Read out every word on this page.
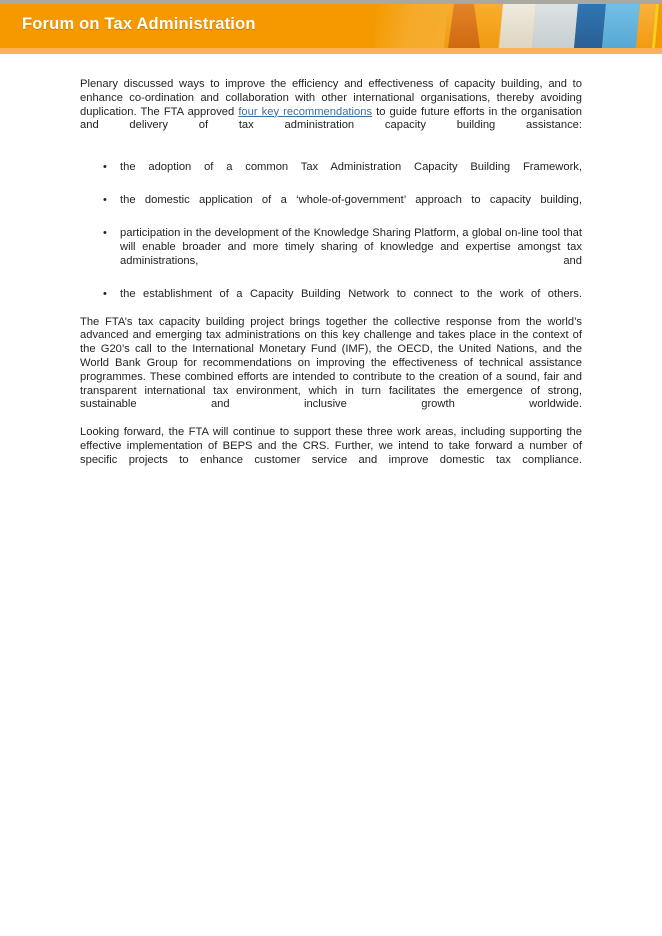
Forum on Tax Administration

Plenary discussed ways to improve the efficiency and effectiveness of capacity building, and to enhance co-ordination and collaboration with other international organisations, thereby avoiding duplication. The FTA approved four key recommendations to guide future efforts in the organisation and delivery of tax administration capacity building assistance:

• the adoption of a common Tax Administration Capacity Building Framework,
• the domestic application of a ‘whole-of-government’ approach to capacity building,
• participation in the development of the Knowledge Sharing Platform, a global on-line tool that will enable broader and more timely sharing of knowledge and expertise amongst tax administrations, and
• the establishment of a Capacity Building Network to connect to the work of others.

The FTA’s tax capacity building project brings together the collective response from the world’s advanced and emerging tax administrations on this key challenge and takes place in the context of the G20’s call to the International Monetary Fund (IMF), the OECD, the United Nations, and the World Bank Group for recommendations on improving the effectiveness of technical assistance programmes. These combined efforts are intended to contribute to the creation of a sound, fair and transparent international tax environment, which in turn facilitates the emergence of strong, sustainable and inclusive growth worldwide.

Looking forward, the FTA will continue to support these three work areas, including supporting the effective implementation of BEPS and the CRS. Further, we intend to take forward a number of specific projects to enhance customer service and improve domestic tax compliance.
